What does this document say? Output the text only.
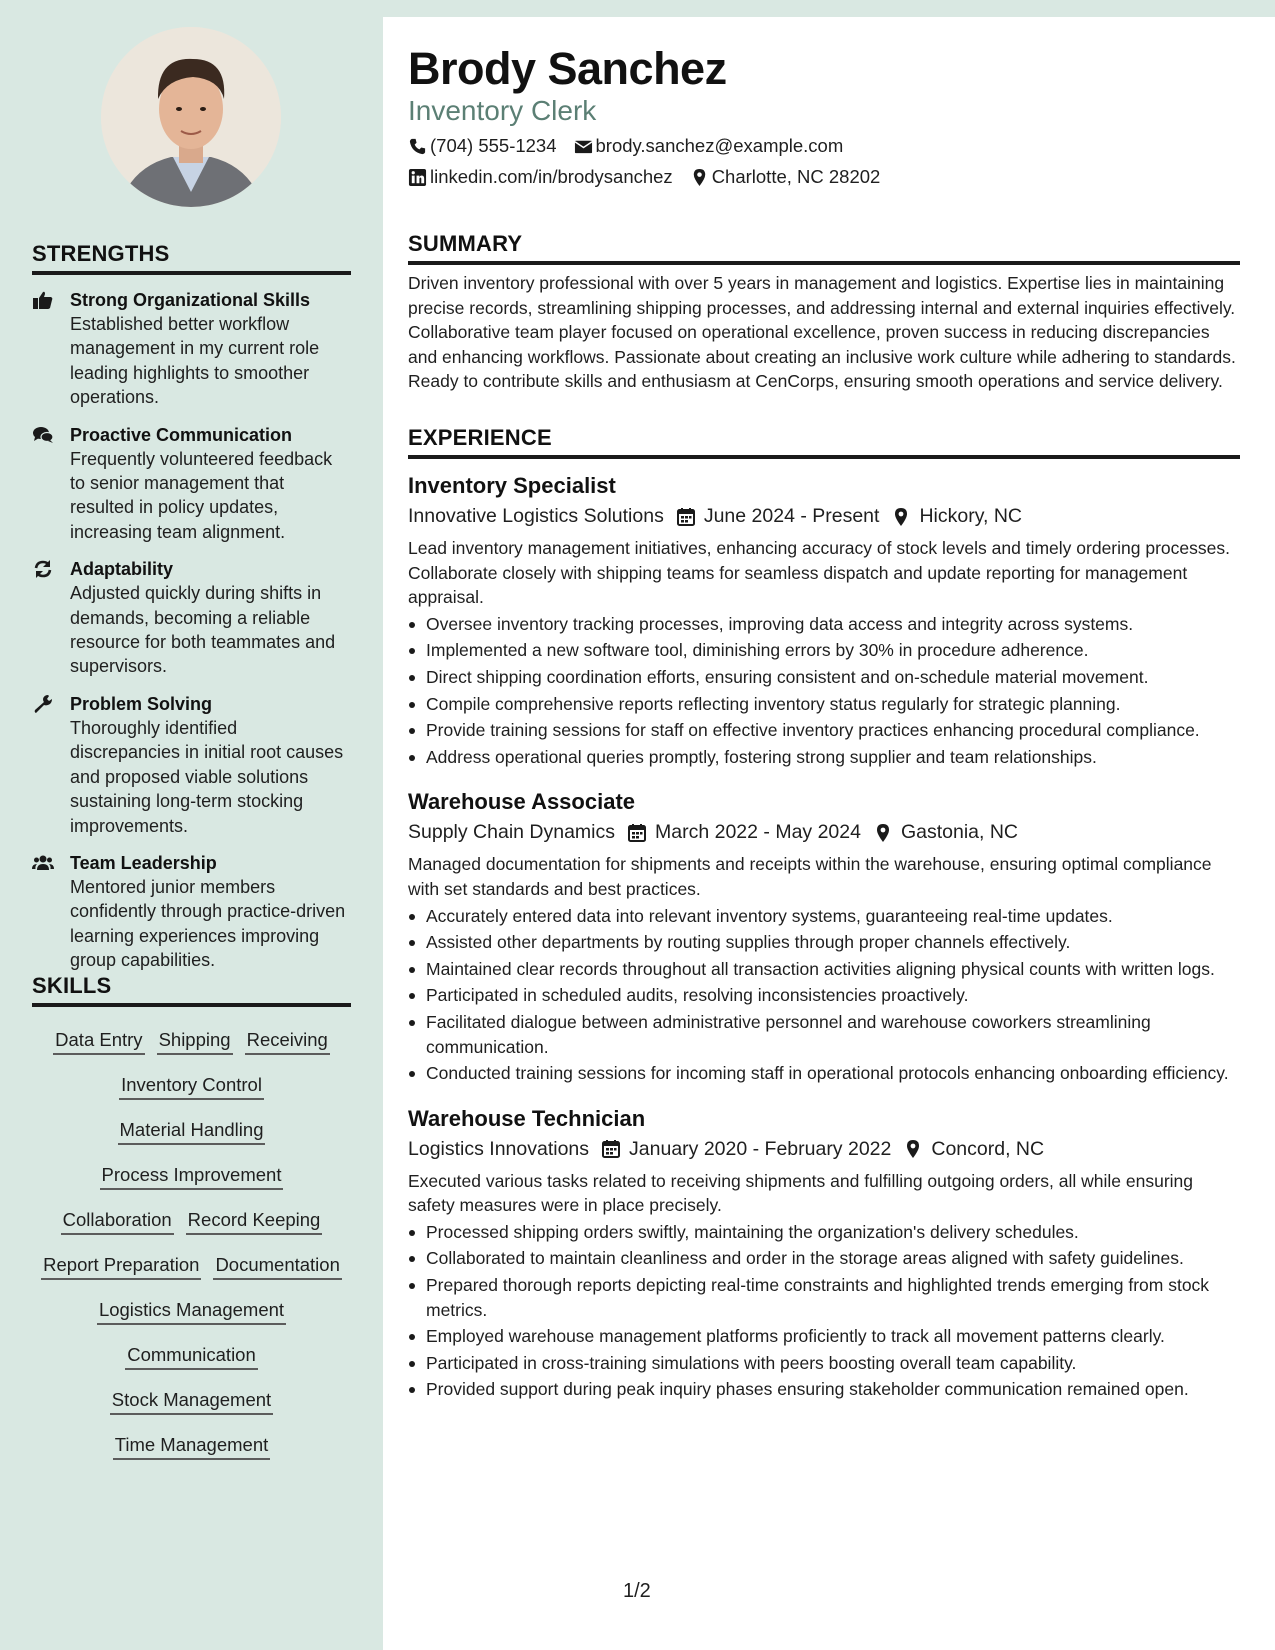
STRENGTHS
Strong Organizational Skills
Established better workflow management in my current role leading highlights to smoother operations.
Proactive Communication
Frequently volunteered feedback to senior management that resulted in policy updates, increasing team alignment.
Adaptability
Adjusted quickly during shifts in demands, becoming a reliable resource for both teammates and supervisors.
Problem Solving
Thoroughly identified discrepancies in initial root causes and proposed viable solutions sustaining long-term stocking improvements.
Team Leadership
Mentored junior members confidently through practice-driven learning experiences improving group capabilities.
SKILLS
Data Entry Shipping Receiving
Inventory Control
Material Handling
Process Improvement
Collaboration Record Keeping
Report Preparation Documentation
Logistics Management
Communication
Stock Management
Time Management
Brody Sanchez
Inventory Clerk
(704) 555-1234 brody.sanchez@example.com
linkedin.com/in/brodysanchez Charlotte, NC 28202
SUMMARY

Driven inventory professional with over 5 years in management and logistics. Expertise lies in maintaining precise records, streamlining shipping processes, and addressing internal and external inquiries effectively. Collaborative team player focused on operational excellence, proven success in reducing discrepancies and enhancing workflows. Passionate about creating an inclusive work culture while adhering to standards. Ready to contribute skills and enthusiasm at CenCorps, ensuring smooth operations and service delivery.

EXPERIENCE
Inventory Specialist
Innovative Logistics Solutions June 2024 - Present Hickory, NC

Lead inventory management initiatives, enhancing accuracy of stock levels and timely ordering processes. Collaborate closely with shipping teams for seamless dispatch and update reporting for management appraisal.

Oversee inventory tracking processes, improving data access and integrity across systems.
Implemented a new software tool, diminishing errors by 30% in procedure adherence.
Direct shipping coordination efforts, ensuring consistent and on-schedule material movement.
Compile comprehensive reports reflecting inventory status regularly for strategic planning.
Provide training sessions for staff on effective inventory practices enhancing procedural compliance.
Address operational queries promptly, fostering strong supplier and team relationships.
Warehouse Associate
Supply Chain Dynamics March 2022 - May 2024 Gastonia, NC

Managed documentation for shipments and receipts within the warehouse, ensuring optimal compliance with set standards and best practices.

Accurately entered data into relevant inventory systems, guaranteeing real-time updates.
Assisted other departments by routing supplies through proper channels effectively.
Maintained clear records throughout all transaction activities aligning physical counts with written logs.
Participated in scheduled audits, resolving inconsistencies proactively.
Facilitated dialogue between administrative personnel and warehouse coworkers streamlining communication.
Conducted training sessions for incoming staff in operational protocols enhancing onboarding efficiency.
Warehouse Technician
Logistics Innovations January 2020 - February 2022 Concord, NC

Executed various tasks related to receiving shipments and fulfilling outgoing orders, all while ensuring safety measures were in place precisely.

Processed shipping orders swiftly, maintaining the organization's delivery schedules.
Collaborated to maintain cleanliness and order in the storage areas aligned with safety guidelines.
Prepared thorough reports depicting real-time constraints and highlighted trends emerging from stock metrics.
Employed warehouse management platforms proficiently to track all movement patterns clearly.
Participated in cross-training simulations with peers boosting overall team capability.
Provided support during peak inquiry phases ensuring stakeholder communication remained open.
1/2
